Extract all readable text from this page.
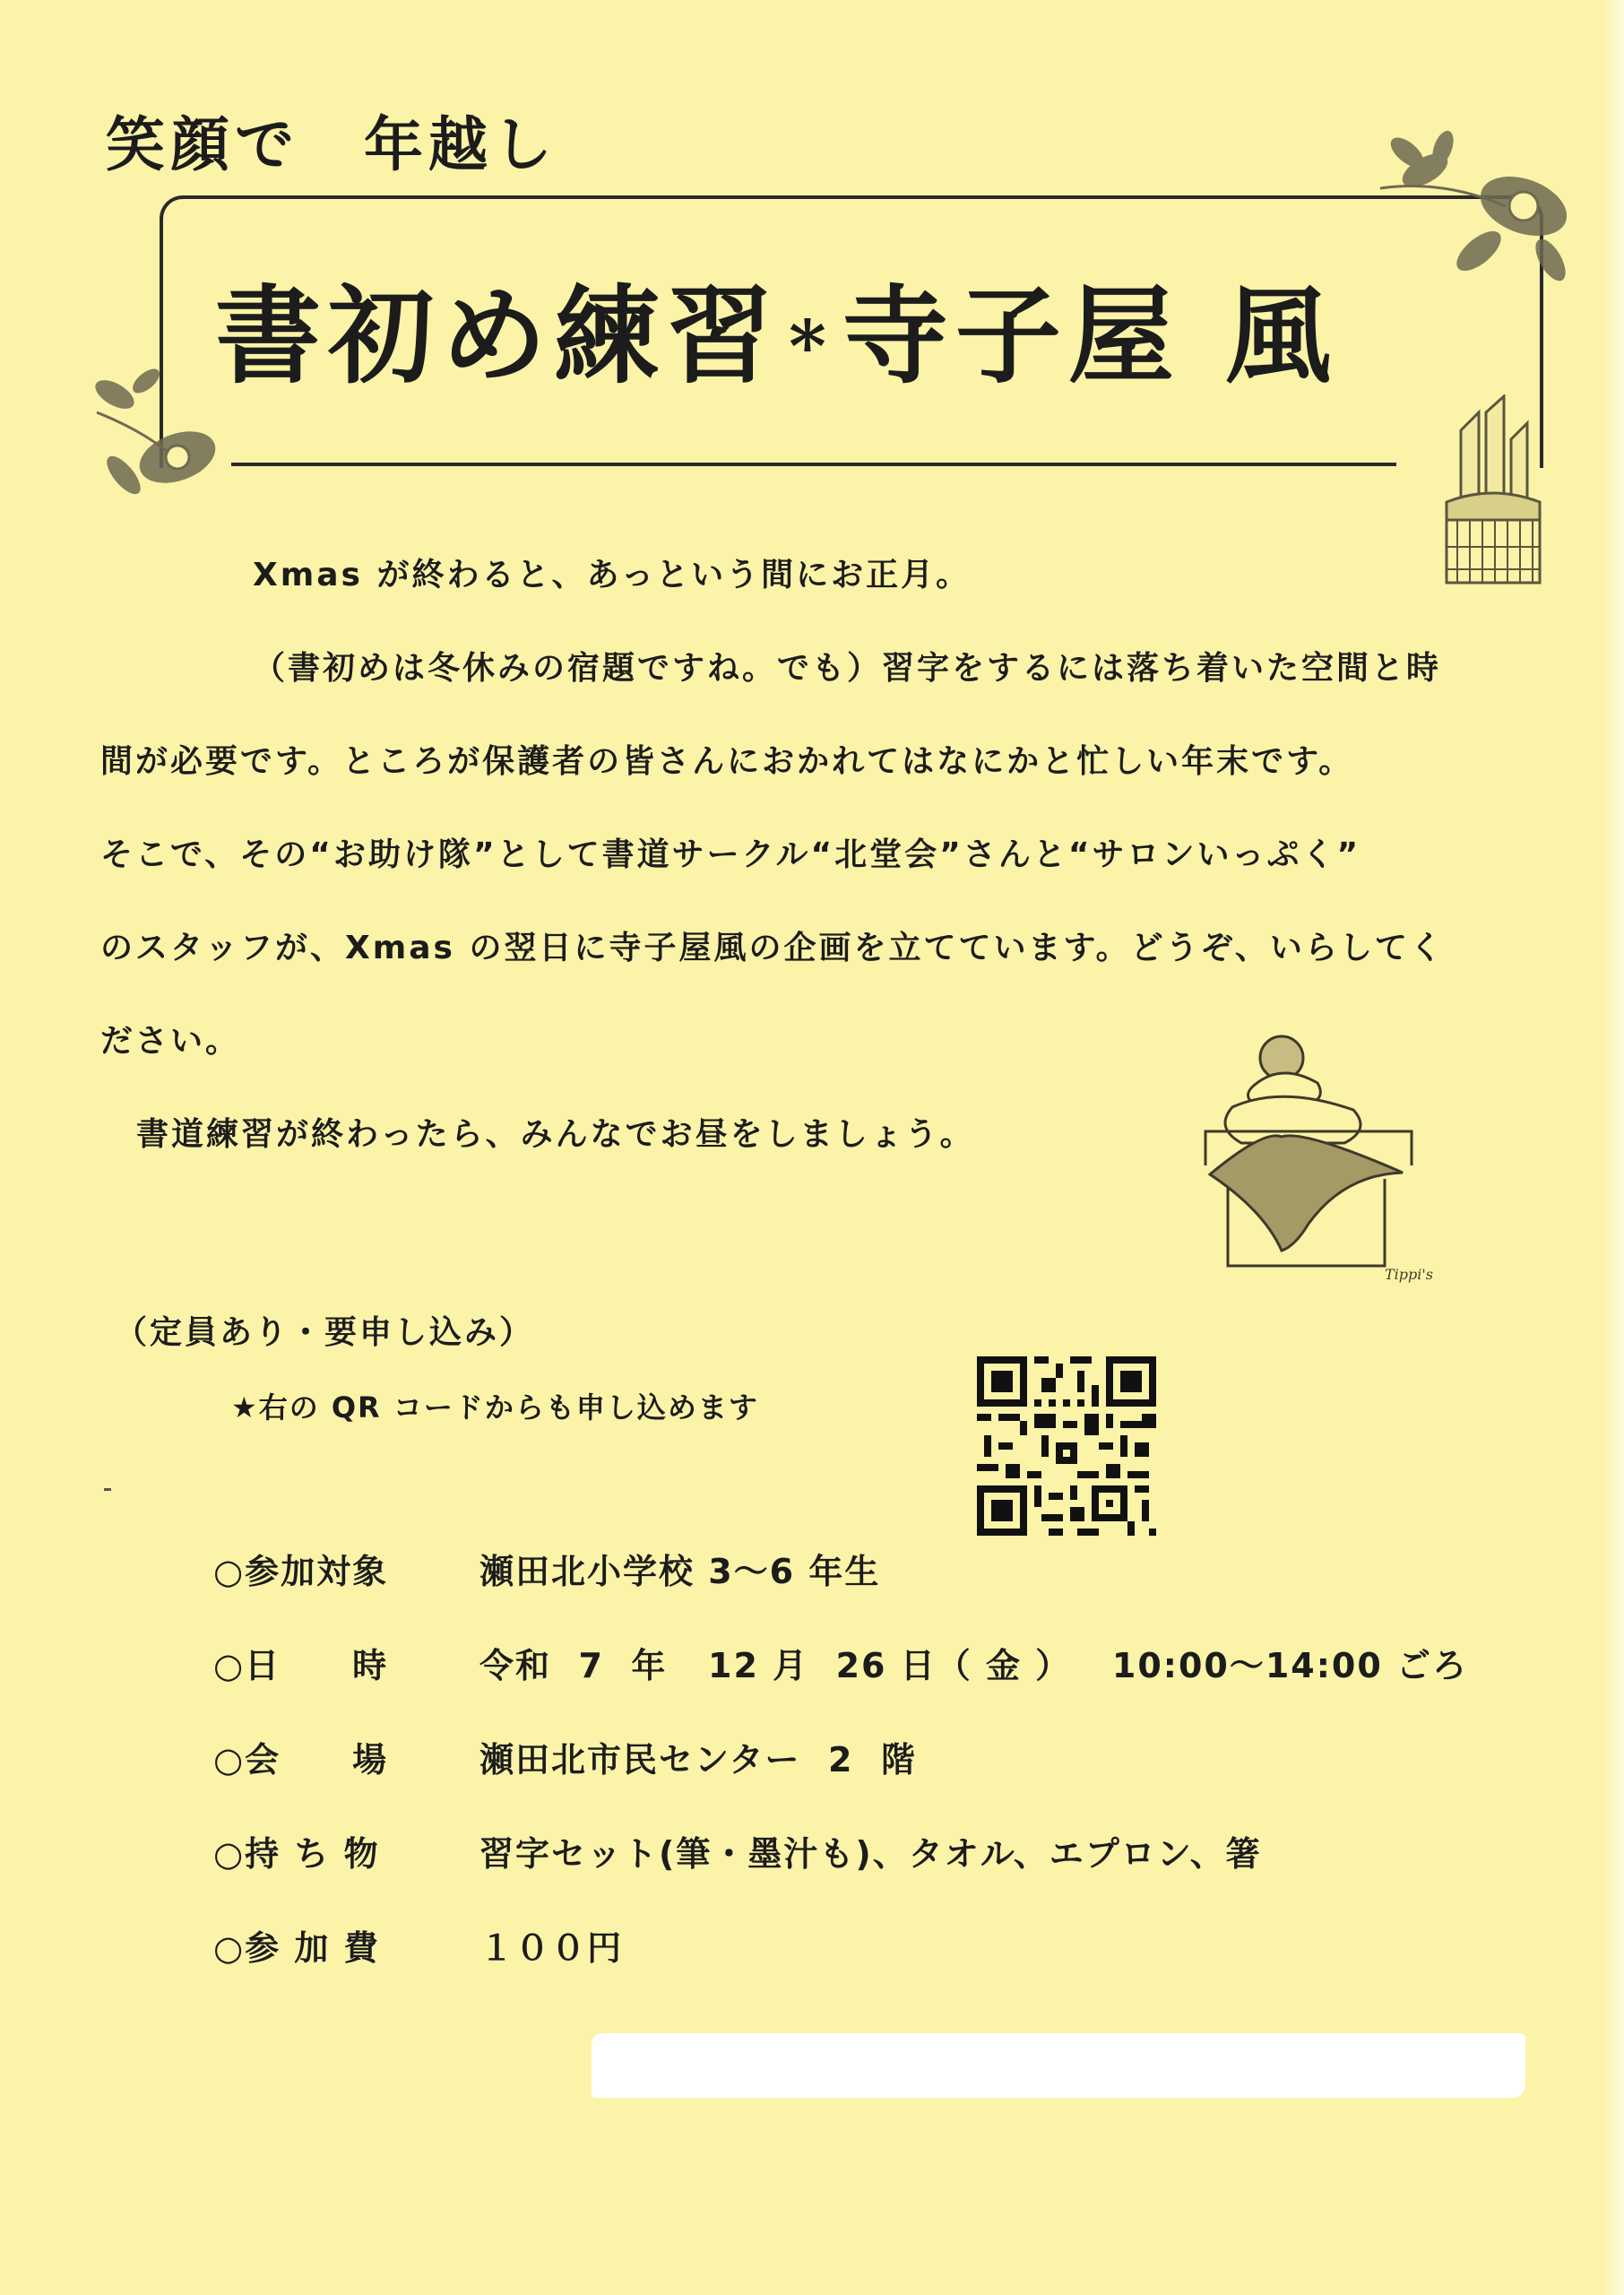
笑顔で　年越し
書初め練習 *寺子屋 風

Xmas が終わると、あっという間にお正月。

（書初めは冬休みの宿題ですね。でも）習字をするには落ち着いた空間と時

間が必要です。ところが保護者の皆さんにおかれてはなにかと忙しい年末です。

そこで、その“お助け隊”として書道サークル“北堂会”さんと“サロンいっぷく”

のスタッフが、Xmas の翌日に寺子屋風の企画を立てています。どうぞ、いらしてく

ださい。

書道練習が終わったら、みんなでお昼をしましょう。

Tippi's
（定員あり・要申し込み）
★右の QR コードからも申し込めます
○参加対象	瀬田北小学校 3～6 年生
○日　　時	令和  7  年   12 月  26 日（ 金 ）   10:00～14:00 ごろ
○会　　場	瀬田北市民センター  2  階
○持 ち 物	習字セット(筆・墨汁も)、タオル、エプロン、箸
○参 加 費	１００円
